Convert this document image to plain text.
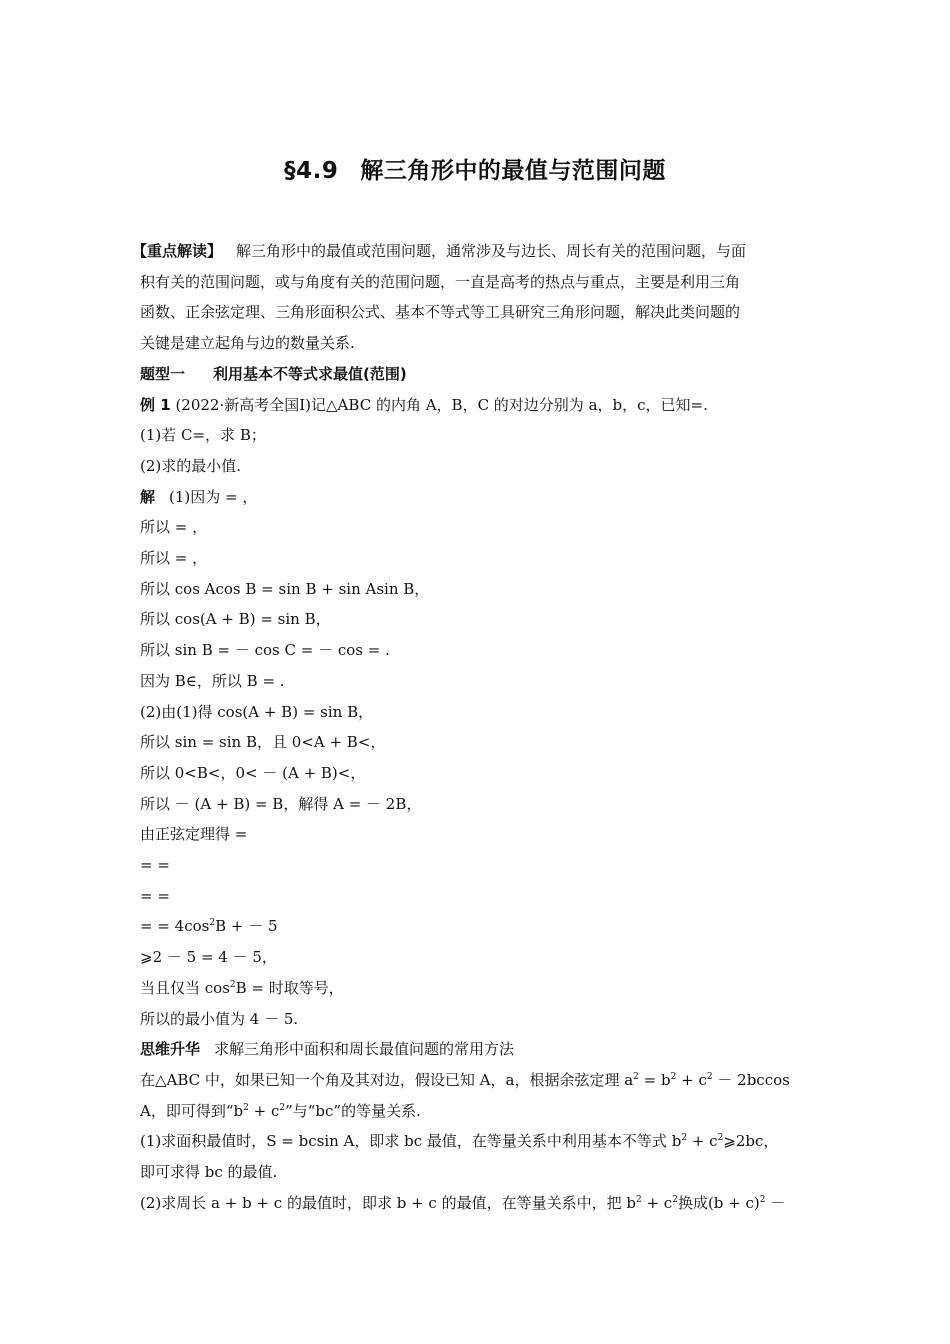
§4.9 解三角形中的最值与范围问题
【重点解读】 解三角形中的最值或范围问题，通常涉及与边长、周长有关的范围问题，与面
积有关的范围问题，或与角度有关的范围问题，一直是高考的热点与重点，主要是利用三角
函数、正余弦定理、三角形面积公式、基本不等式等工具研究三角形问题，解决此类问题的
关键是建立起角与边的数量关系.
题型一 利用基本不等式求最值(范围)
例 1 (2022·新高考全国Ⅰ)记△ABC 的内角 A，B，C 的对边分别为 a，b，c，已知=.
(1)若 C=，求 B；
(2)求的最小值.
解 (1)因为 = ，
所以 = ，
所以 = ，
所以 cos Acos B = sin B + sin Asin B，
所以 cos(A + B) = sin B，
所以 sin B = － cos C = － cos = .
因为 B∈，所以 B = .
(2)由(1)得 cos(A + B) = sin B，
所以 sin = sin B，且 0<A + B<，
所以 0<B<，0< － (A + B)<，
所以 － (A + B) = B，解得 A = － 2B，
由正弦定理得 =
= =
= =
= = $4\cos^2B$ + － 5
⩾2 － 5 = 4 － 5，
当且仅当 $\cos^2B$ = 时取等号，
所以的最小值为 4 － 5.
思维升华 求解三角形中面积和周长最值问题的常用方法
在△ABC 中，如果已知一个角及其对边，假设已知 A，a，根据余弦定理 $a^2 = b^2 + c^2 - 2bccos$
A，即可得到“$b^2 + c^2$”与“bc”的等量关系.
(1)求面积最值时，S = bcsin A，即求 bc 最值，在等量关系中利用基本不等式 $b^2$ + $c^2⩾2bc$，
即可求得 bc 的最值.
(2)求周长 a + b + c 的最值时，即求 b + c 的最值，在等量关系中，把 $b^2 + c^2$换成$(b + c)^2$ －
